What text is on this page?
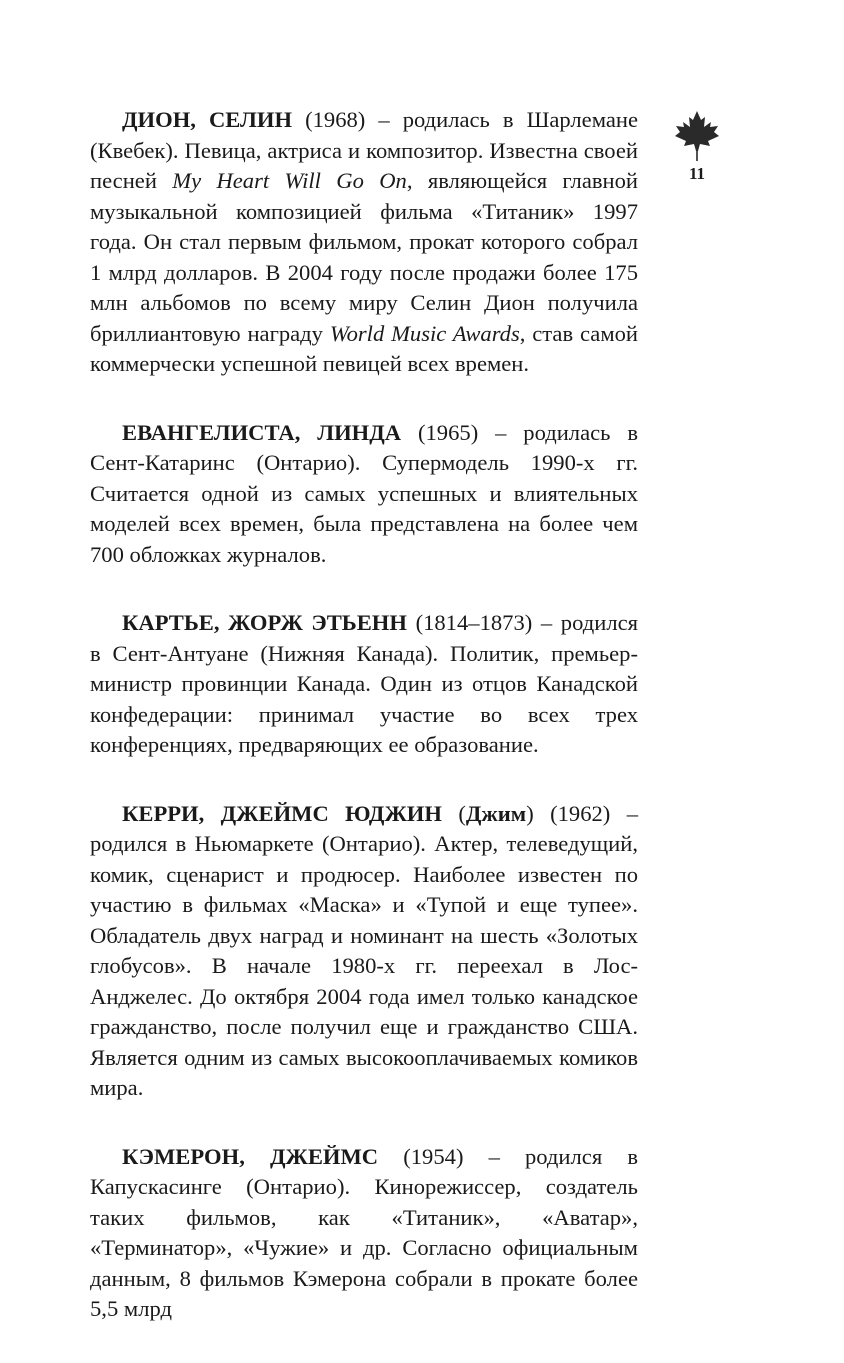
11

ДИОН, СЕЛИН (1968) – родилась в Шарлемане (Квебек). Певица, актриса и композитор. Известна своей песней My Heart Will Go On, являющейся главной музыкальной композицией фильма «Титаник» 1997 года. Он стал первым фильмом, прокат которого собрал 1 млрд долларов. В 2004 году после продажи более 175 млн альбомов по всему миру Селин Дион получила бриллиантовую награду World Music Awards, став самой коммерчески успешной певицей всех времен.

ЕВАНГЕЛИСТА, ЛИНДА (1965) – родилась в Сент-Катаринс (Онтарио). Супермодель 1990-х гг. Считается одной из самых успешных и влиятельных моделей всех времен, была представлена на более чем 700 обложках журналов.

КАРТЬЕ, ЖОРЖ ЭТЬЕНН (1814–1873) – родился в Сент-Антуане (Нижняя Канада). Политик, премьер-министр провинции Канада. Один из отцов Канадской конфедерации: принимал участие во всех трех конференциях, предваряющих ее образование.

КЕРРИ, ДЖЕЙМС ЮДЖИН (Джим) (1962) – родился в Ньюмаркете (Онтарио). Актер, телеведущий, комик, сценарист и продюсер. Наиболее известен по участию в фильмах «Маска» и «Тупой и еще тупее». Обладатель двух наград и номинант на шесть «Золотых глобусов». В начале 1980-х гг. переехал в Лос-Анджелес. До октября 2004 года имел только канадское гражданство, после получил еще и гражданство США. Является одним из самых высокооплачиваемых комиков мира.

КЭМЕРОН, ДЖЕЙМС (1954) – родился в Капускасинге (Онтарио). Кинорежиссер, создатель таких фильмов, как «Титаник», «Аватар», «Терминатор», «Чужие» и др. Согласно официальным данным, 8 фильмов Кэмерона собрали в прокате более 5,5 млрд
